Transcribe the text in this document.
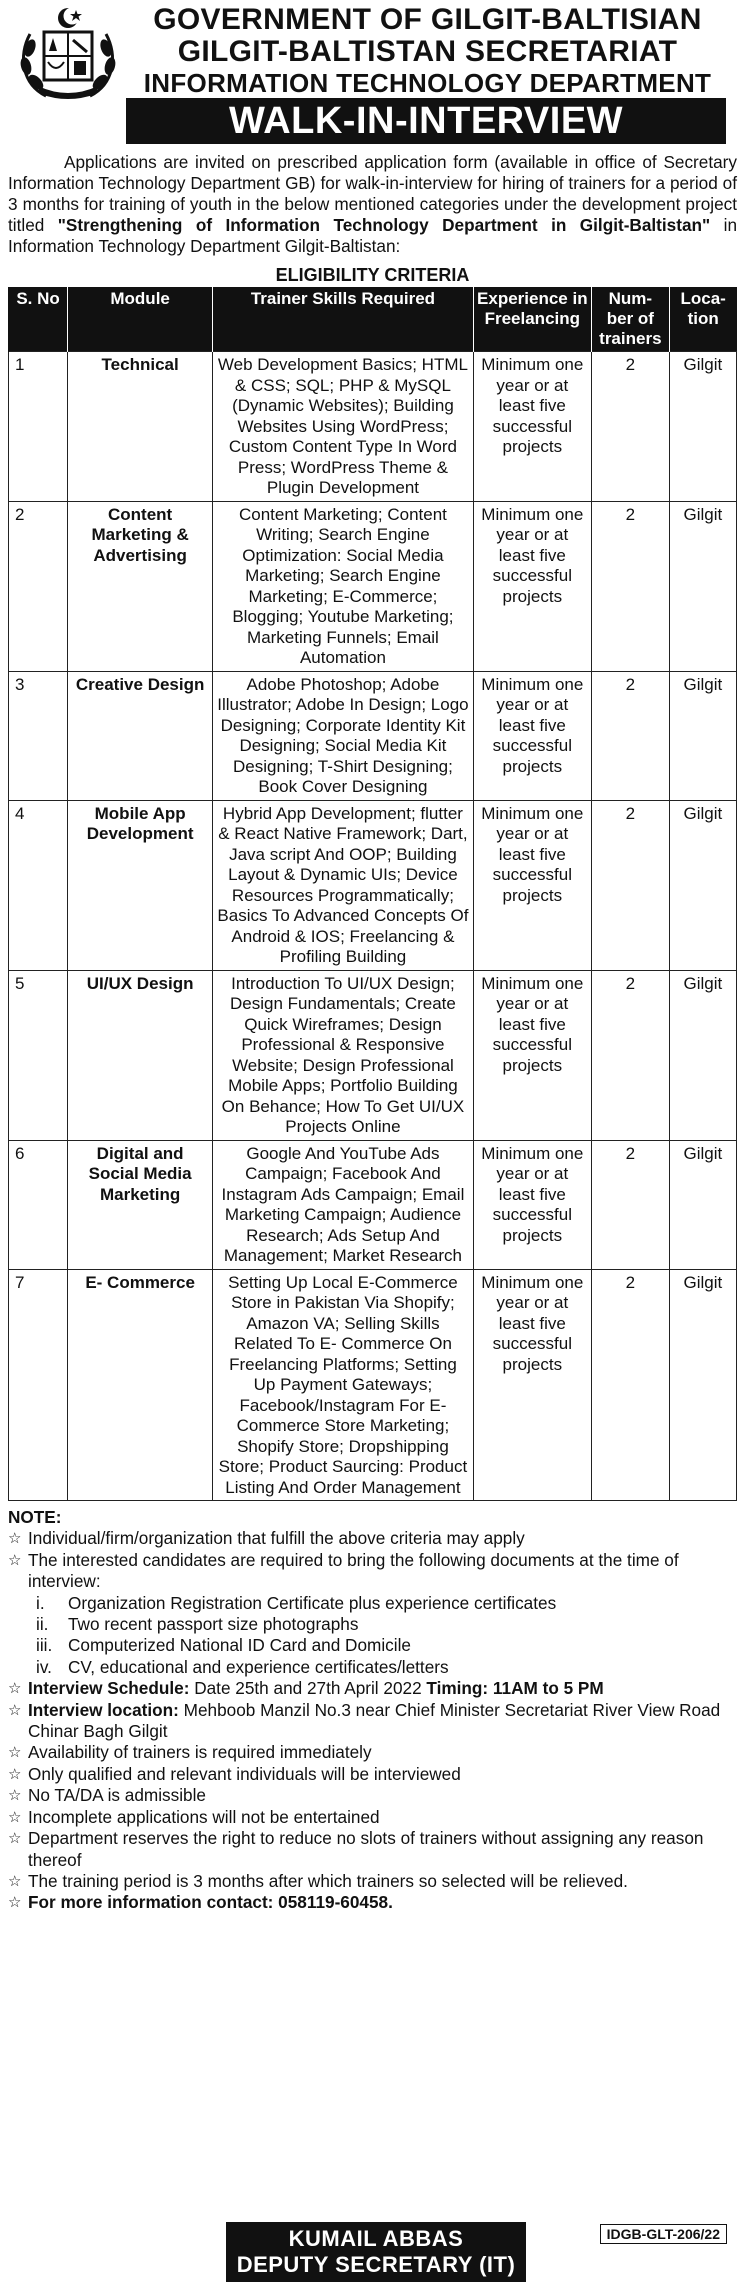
GOVERNMENT OF GILGIT-BALTISIAN
GILGIT-BALTISTAN SECRETARIAT
INFORMATION TECHNOLOGY DEPARTMENT
WALK-IN-INTERVIEW
Applications are invited on prescribed application form (available in office of Secretary Information Technology Department GB) for walk-in-interview for hiring of trainers for a period of 3 months for training of youth in the below mentioned categories under the development project titled "Strengthening of Information Technology Department in Gilgit-Baltistan" in Information Technology Department Gilgit-Baltistan:
ELIGIBILITY CRITERIA
S. No	Module	Trainer Skills Required	Experience in Freelancing	Num- ber of trainers	Loca- tion
1	Technical	Web Development Basics; HTML & CSS; SQL; PHP & MySQL (Dynamic Websites); Building Websites Using WordPress; Custom Content Type In Word Press; WordPress Theme & Plugin Development	Minimum one year or at least five successful projects	2	Gilgit
2	Content Marketing & Advertising	Content Marketing; Content Writing; Search Engine Optimization: Social Media Marketing; Search Engine Marketing; E-Commerce; Blogging; Youtube Marketing; Marketing Funnels; Email Automation	Minimum one year or at least five successful projects	2	Gilgit
3	Creative Design	Adobe Photoshop; Adobe Illustrator; Adobe In Design; Logo Designing; Corporate Identity Kit Designing; Social Media Kit Designing; T-Shirt Designing; Book Cover Designing	Minimum one year or at least five successful projects	2	Gilgit
4	Mobile App Development	Hybrid App Development; flutter & React Native Framework; Dart, Java script And OOP; Building Layout & Dynamic UIs; Device Resources Programmatically; Basics To Advanced Concepts Of Android & IOS; Freelancing & Profiling Building	Minimum one year or at least five successful projects	2	Gilgit
5	UI/UX Design	Introduction To UI/UX Design; Design Fundamentals; Create Quick Wireframes; Design Professional & Responsive Website; Design Professional Mobile Apps; Portfolio Building On Behance; How To Get UI/UX Projects Online	Minimum one year or at least five successful projects	2	Gilgit
6	Digital and Social Media Marketing	Google And YouTube Ads Campaign; Facebook And Instagram Ads Campaign; Email Marketing Campaign; Audience Research; Ads Setup And Management; Market Research	Minimum one year or at least five successful projects	2	Gilgit
7	E- Commerce	Setting Up Local E-Commerce Store in Pakistan Via Shopify; Amazon VA; Selling Skills Related To E- Commerce On Freelancing Platforms; Setting Up Payment Gateways; Facebook/Instagram For E-Commerce Store Marketing; Shopify Store; Dropshipping Store; Product Saurcing: Product Listing And Order Management	Minimum one year or at least five successful projects	2	Gilgit
NOTE:
☆ Individual/firm/organization that fulfill the above criteria may apply
☆ The interested candidates are required to bring the following documents at the time of interview:
i.	Organization Registration Certificate plus experience certificates
ii.	Two recent passport size photographs
iii. Computerized National ID Card and Domicile
iv. CV, educational and experience certificates/letters
☆ Interview Schedule: Date 25th and 27th April 2022 Timing: 11AM to 5 PM
☆ Interview location: Mehboob Manzil No.3 near Chief Minister Secretariat River View Road Chinar Bagh Gilgit
☆ Availability of trainers is required immediately
☆ Only qualified and relevant individuals will be interviewed
☆ No TA/DA is admissible
☆ Incomplete applications will not be entertained
☆ Department reserves the right to reduce no slots of trainers without assigning any reason thereof
☆ The training period is 3 months after which trainers so selected will be relieved.
☆ For more information contact: 058119-60458.
KUMAIL ABBAS
DEPUTY SECRETARY (IT)
IDGB-GLT-206/22
